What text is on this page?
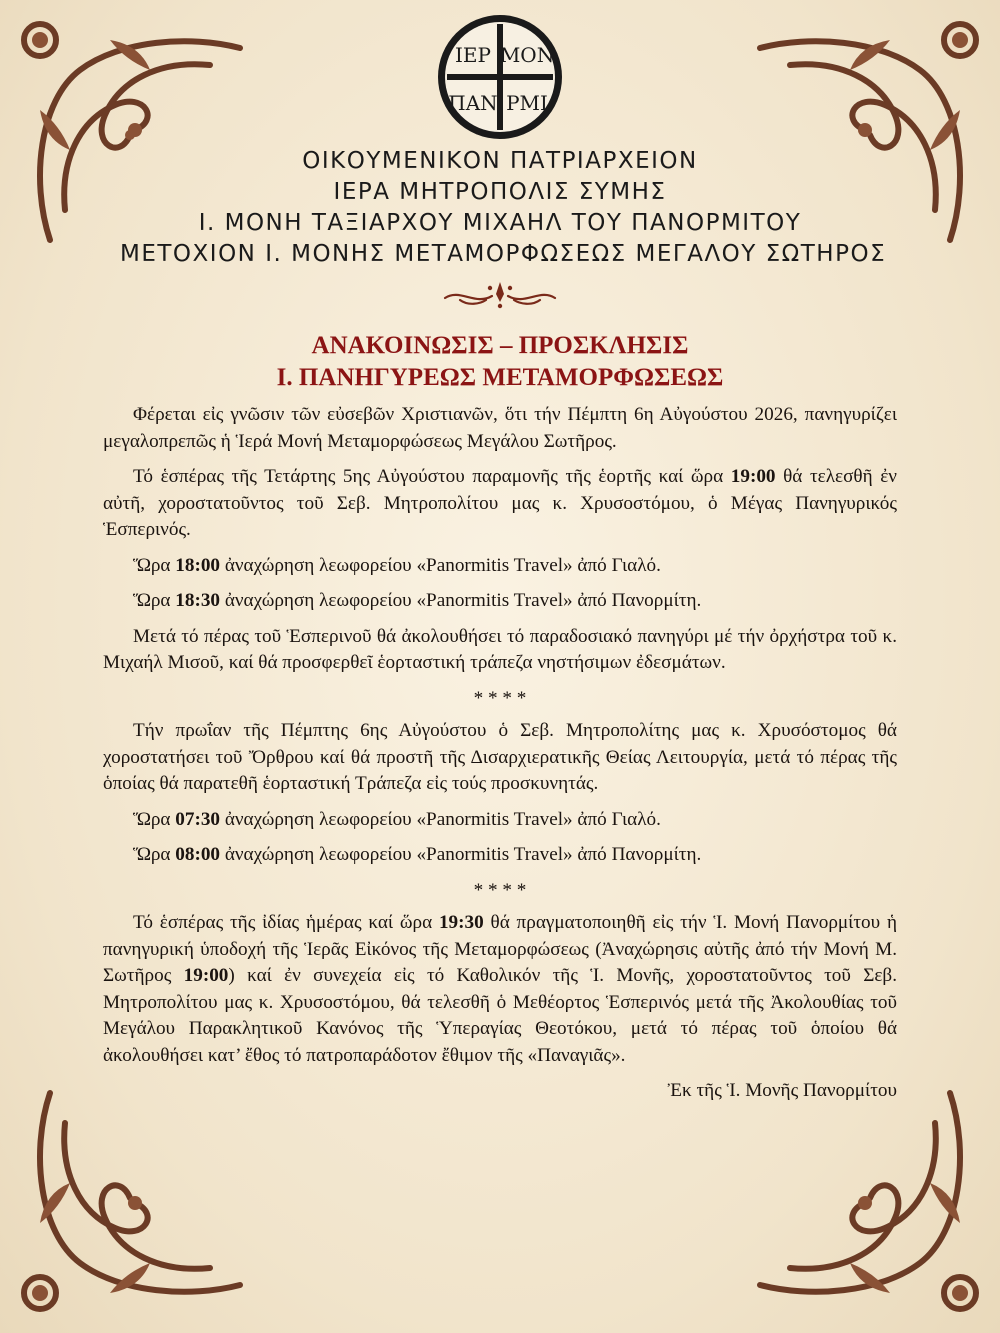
ΙΕΡ ΜΟΝ
ΠΑΝ ΡΜΙ
ΟΙΚΟΥΜΕΝΙΚΟΝ ΠΑΤΡΙΑΡΧΕΙΟΝ
ΙΕΡΑ ΜΗΤΡΟΠΟΛΙΣ ΣΥΜΗΣ
Ι. ΜΟΝΗ ΤΑΞΙΑΡΧΟΥ ΜΙΧΑΗΛ ΤΟΥ ΠΑΝΟΡΜΙΤΟΥ
ΜΕΤΟΧΙΟΝ Ι. ΜΟΝΗΣ ΜΕΤΑΜΟΡΦΩΣΕΩΣ ΜΕΓΑΛΟΥ ΣΩΤΗΡΟΣ
ΑΝΑΚΟΙΝΩΣΙΣ – ΠΡΟΣΚΛΗΣΙΣ
Ι. ΠΑΝΗΓΥΡΕΩΣ ΜΕΤΑΜΟΡΦΩΣΕΩΣ

Φέρεται εἰς γνῶσιν τῶν εὐσεβῶν Χριστιανῶν, ὅτι τήν Πέμπτη 6η Αὐγούστου 2026, πανηγυρίζει μεγαλοπρεπῶς ἡ Ἱερά Μονή Μεταμορφώσεως Μεγάλου Σωτῆρος.

Τό ἑσπέρας τῆς Τετάρτης 5ης Αὐγούστου παραμονῆς τῆς ἑορτῆς καί ὥρα 19:00 θά τελεσθῆ ἐν αὐτῆ, χοροστατοῦντος τοῦ Σεβ. Μητροπολίτου μας κ. Χρυσοστόμου, ὁ Μέγας Πανηγυρικός Ἑσπερινός.

Ὥρα 18:00 ἀναχώρηση λεωφορείου «Panormitis Travel» ἀπό Γιαλό.

Ὥρα 18:30 ἀναχώρηση λεωφορείου «Panormitis Travel» ἀπό Πανορμίτη.

Μετά τό πέρας τοῦ Ἑσπερινοῦ θά ἀκολουθήσει τό παραδοσιακό πανηγύρι μέ τήν ὀρχήστρα τοῦ κ. Μιχαήλ Μισοῦ, καί θά προσφερθεῖ ἑορταστική τράπεζα νηστήσιμων ἐδεσμάτων.

* * * *

Τήν πρωΐαν τῆς Πέμπτης 6ης Αὐγούστου ὁ Σεβ. Μητροπολίτης μας κ. Χρυσόστομος θά χοροστατήσει τοῦ Ὄρθρου καί θά προστῆ τῆς Δισαρχιερατικῆς Θείας Λειτουργία, μετά τό πέρας τῆς ὁποίας θά παρατεθῆ ἑορταστική Τράπεζα εἰς τούς προσκυνητάς.

Ὥρα 07:30 ἀναχώρηση λεωφορείου «Panormitis Travel» ἀπό Γιαλό.

Ὥρα 08:00 ἀναχώρηση λεωφορείου «Panormitis Travel» ἀπό Πανορμίτη.

* * * *

Τό ἑσπέρας τῆς ἰδίας ἡμέρας καί ὥρα 19:30 θά πραγματοποιηθῆ εἰς τήν Ἱ. Μονή Πανορμίτου ἡ πανηγυρική ὑποδοχή τῆς Ἱερᾶς Εἰκόνος τῆς Μεταμορφώσεως (Ἀναχώρησις αὐτῆς ἀπό τήν Μονή Μ. Σωτῆρος 19:00) καί ἐν συνεχεία εἰς τό Καθολικόν τῆς Ἱ. Μονῆς, χοροστατοῦντος τοῦ Σεβ. Μητροπολίτου μας κ. Χρυσοστόμου, θά τελεσθῆ ὁ Μεθέορτος Ἑσπερινός μετά τῆς Ἀκολουθίας τοῦ Μεγάλου Παρακλητικοῦ Κανόνος τῆς Ὑπεραγίας Θεοτόκου, μετά τό πέρας τοῦ ὁποίου θά ἀκολουθήσει κατ’ ἔθος τό πατροπαράδοτον ἔθιμον τῆς «Παναγιᾶς».

Ἐκ τῆς Ἱ. Μονῆς Πανορμίτου
